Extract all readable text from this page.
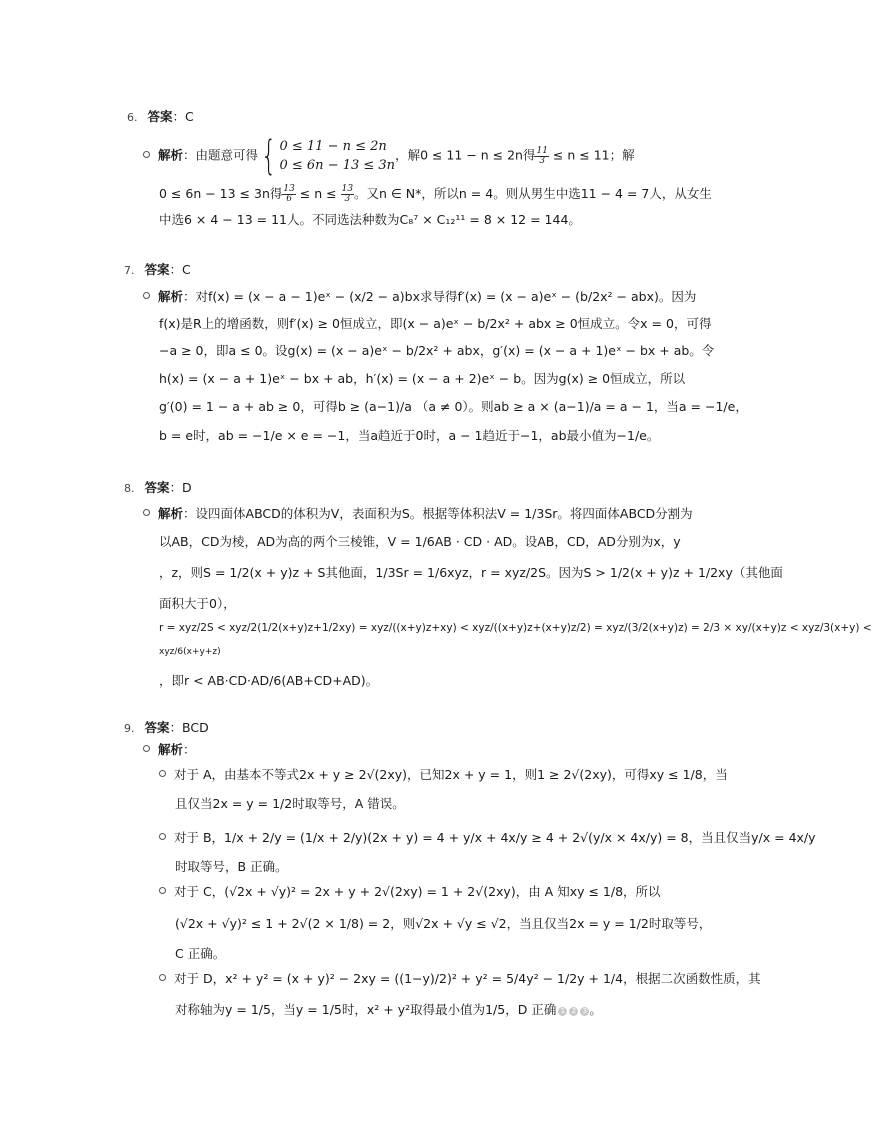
6. 答案：C
解析：由题意可得{ 0 ≤ 11 − n ≤ 2n
0 ≤ 6n − 13 ≤ 3n
，解0 ≤ 11 − n ≤ 2n得 $\frac{11}{3} \le n \le 11$；解
0 ≤ 6n − 13 ≤ 3n得 $\frac{13}{6} \le n \le \frac{13}{3}$ 。又n ∈ N*，所以n = 4。则从男生中选11 − 4 = 7人，从女生
中选6 × 4 − 13 = 11人。不同选法种数为C₈⁷ × C₁₂¹¹ = 8 × 12 = 144。
7. 答案：C
解析：对f(x) = (x − a − 1)eˣ − (x/2 − a)bx求导得f′(x) = (x − a)eˣ − (b/2x² − abx)。因为
f(x)是R上的增函数，则f′(x) ≥ 0恒成立，即(x − a)eˣ − b/2x² + abx ≥ 0恒成立。令x = 0，可得
−a ≥ 0，即a ≤ 0。设g(x) = (x − a)eˣ − b/2x² + abx，g′(x) = (x − a + 1)eˣ − bx + ab。令
h(x) = (x − a + 1)eˣ − bx + ab，h′(x) = (x − a + 2)eˣ − b。因为g(x) ≥ 0恒成立，所以
g′(0) = 1 − a + ab ≥ 0，可得b ≥ (a−1)/a （a ≠ 0）。则ab ≥ a × (a−1)/a = a − 1，当a = −1/e，
b = e时，ab = −1/e × e = −1，当a趋近于0时，a − 1趋近于−1，ab最小值为−1/e。
8. 答案：D
解析：设四面体ABCD的体积为V，表面积为S。根据等体积法V = 1/3Sr。将四面体ABCD分割为
以AB，CD为棱，AD为高的两个三棱锥，V = 1/6AB · CD · AD。设AB，CD，AD分别为x，y
，z，则S = 1/2(x + y)z + S其他面，1/3Sr = 1/6xyz，r = xyz/2S。因为S > 1/2(x + y)z + 1/2xy（其他面
面积大于0），
r = xyz/2S < xyz/2(1/2(x+y)z+1/2xy) = xyz/((x+y)z+xy) < xyz/((x+y)z+(x+y)z/2) = xyz/(3/2(x+y)z) = 2/3 × xy/(x+y)z < xyz/3(x+y) <
xyz/6(x+y+z)
，即r < AB·CD·AD/6(AB+CD+AD)。
9. 答案：BCD
解析：
对于 A，由基本不等式2x + y ≥ 2√(2xy)，已知2x + y = 1，则1 ≥ 2√(2xy)，可得xy ≤ 1/8，当
且仅当2x = y = 1/2时取等号，A 错误。
对于 B，1/x + 2/y = (1/x + 2/y)(2x + y) = 4 + y/x + 4x/y ≥ 4 + 2√(y/x × 4x/y) = 8，当且仅当y/x = 4x/y
时取等号，B 正确。
对于 C，(√2x + √y)² = 2x + y + 2√(2xy) = 1 + 2√(2xy)，由 A 知xy ≤ 1/8，所以
(√2x + √y)² ≤ 1 + 2√(2 × 1/8) = 2，则√2x + √y ≤ √2，当且仅当2x = y = 1/2时取等号，
C 正确。
对于 D，x² + y² = (x + y)² − 2xy = ((1−y)/2)² + y² = 5/4y² − 1/2y + 1/4，根据二次函数性质，其
对称轴为y = 1/5，当y = 1/5时，x² + y²取得最小值为1/5，D 正确 1 2 3 。
